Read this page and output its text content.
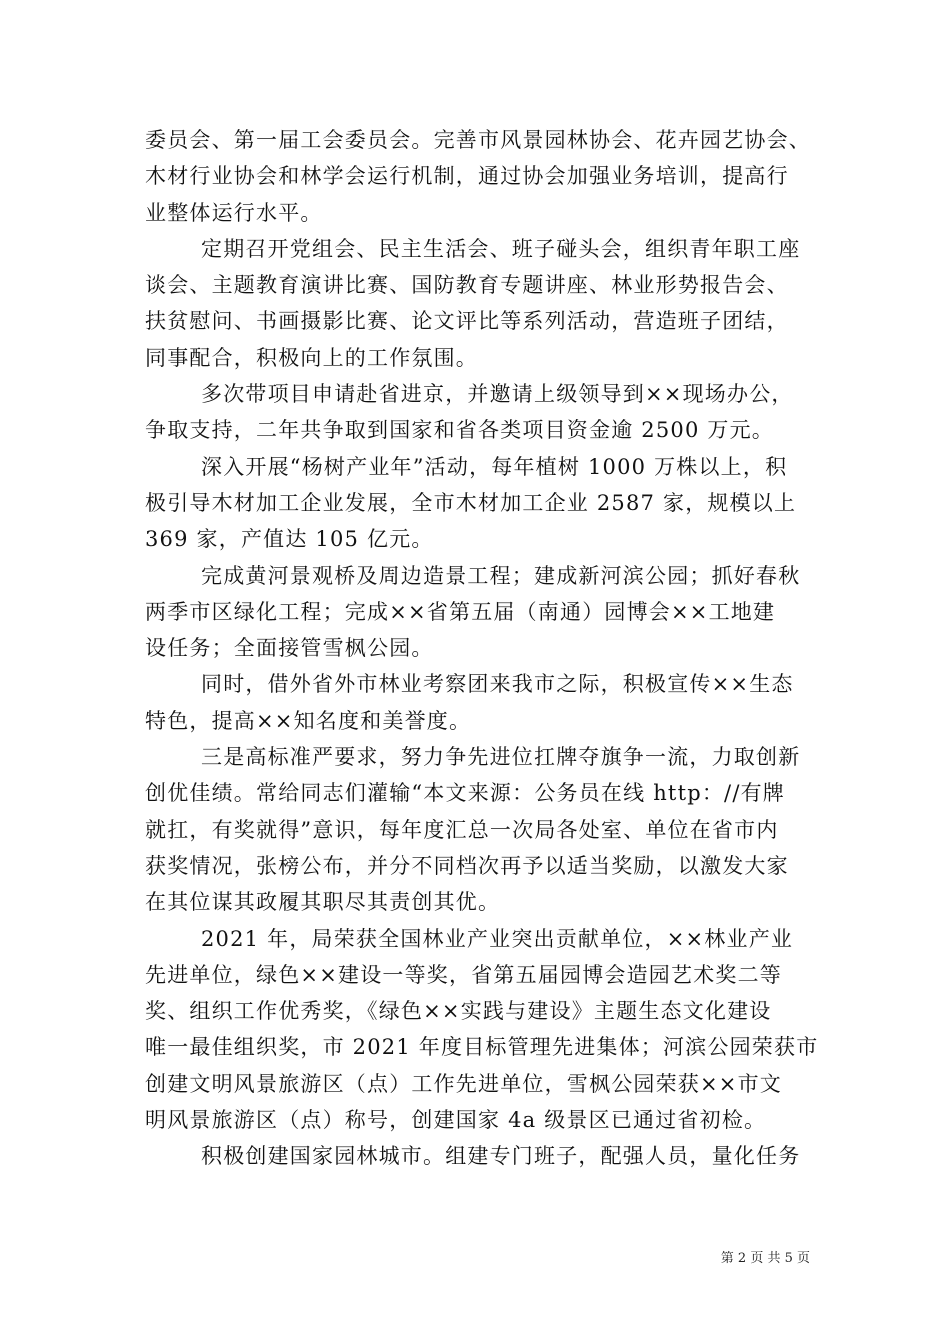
委员会、第一届工会委员会。完善市风景园林协会、花卉园艺协会、
木材行业协会和林学会运行机制，通过协会加强业务培训，提高行
业整体运行水平。

定期召开党组会、民主生活会、班子碰头会，组织青年职工座
谈会、主题教育演讲比赛、国防教育专题讲座、林业形势报告会、
扶贫慰问、书画摄影比赛、论文评比等系列活动，营造班子团结，
同事配合，积极向上的工作氛围。

多次带项目申请赴省进京，并邀请上级领导到××现场办公，
争取支持，二年共争取到国家和省各类项目资金逾 2500 万元。

深入开展“杨树产业年”活动，每年植树 1000 万株以上，积
极引导木材加工企业发展，全市木材加工企业 2587 家，规模以上
369 家，产值达 105 亿元。

完成黄河景观桥及周边造景工程；建成新河滨公园；抓好春秋
两季市区绿化工程；完成××省第五届（南通）园博会××工地建
设任务；全面接管雪枫公园。

同时，借外省外市林业考察团来我市之际，积极宣传××生态
特色，提高××知名度和美誉度。

三是高标准严要求，努力争先进位扛牌夺旗争一流，力取创新
创优佳绩。常给同志们灌输“本文来源：公务员在线 http：//有牌
就扛，有奖就得”意识，每年度汇总一次局各处室、单位在省市内
获奖情况，张榜公布，并分不同档次再予以适当奖励，以激发大家
在其位谋其政履其职尽其责创其优。

2021 年，局荣获全国林业产业突出贡献单位，××林业产业
先进单位，绿色××建设一等奖，省第五届园博会造园艺术奖二等
奖、组织工作优秀奖，《绿色××实践与建设》主题生态文化建设
唯一最佳组织奖，市 2021 年度目标管理先进集体；河滨公园荣获市
创建文明风景旅游区（点）工作先进单位，雪枫公园荣获××市文
明风景旅游区（点）称号，创建国家 4a 级景区已通过省初检。

积极创建国家园林城市。组建专门班子，配强人员，量化任务

第 2 页 共 5 页
